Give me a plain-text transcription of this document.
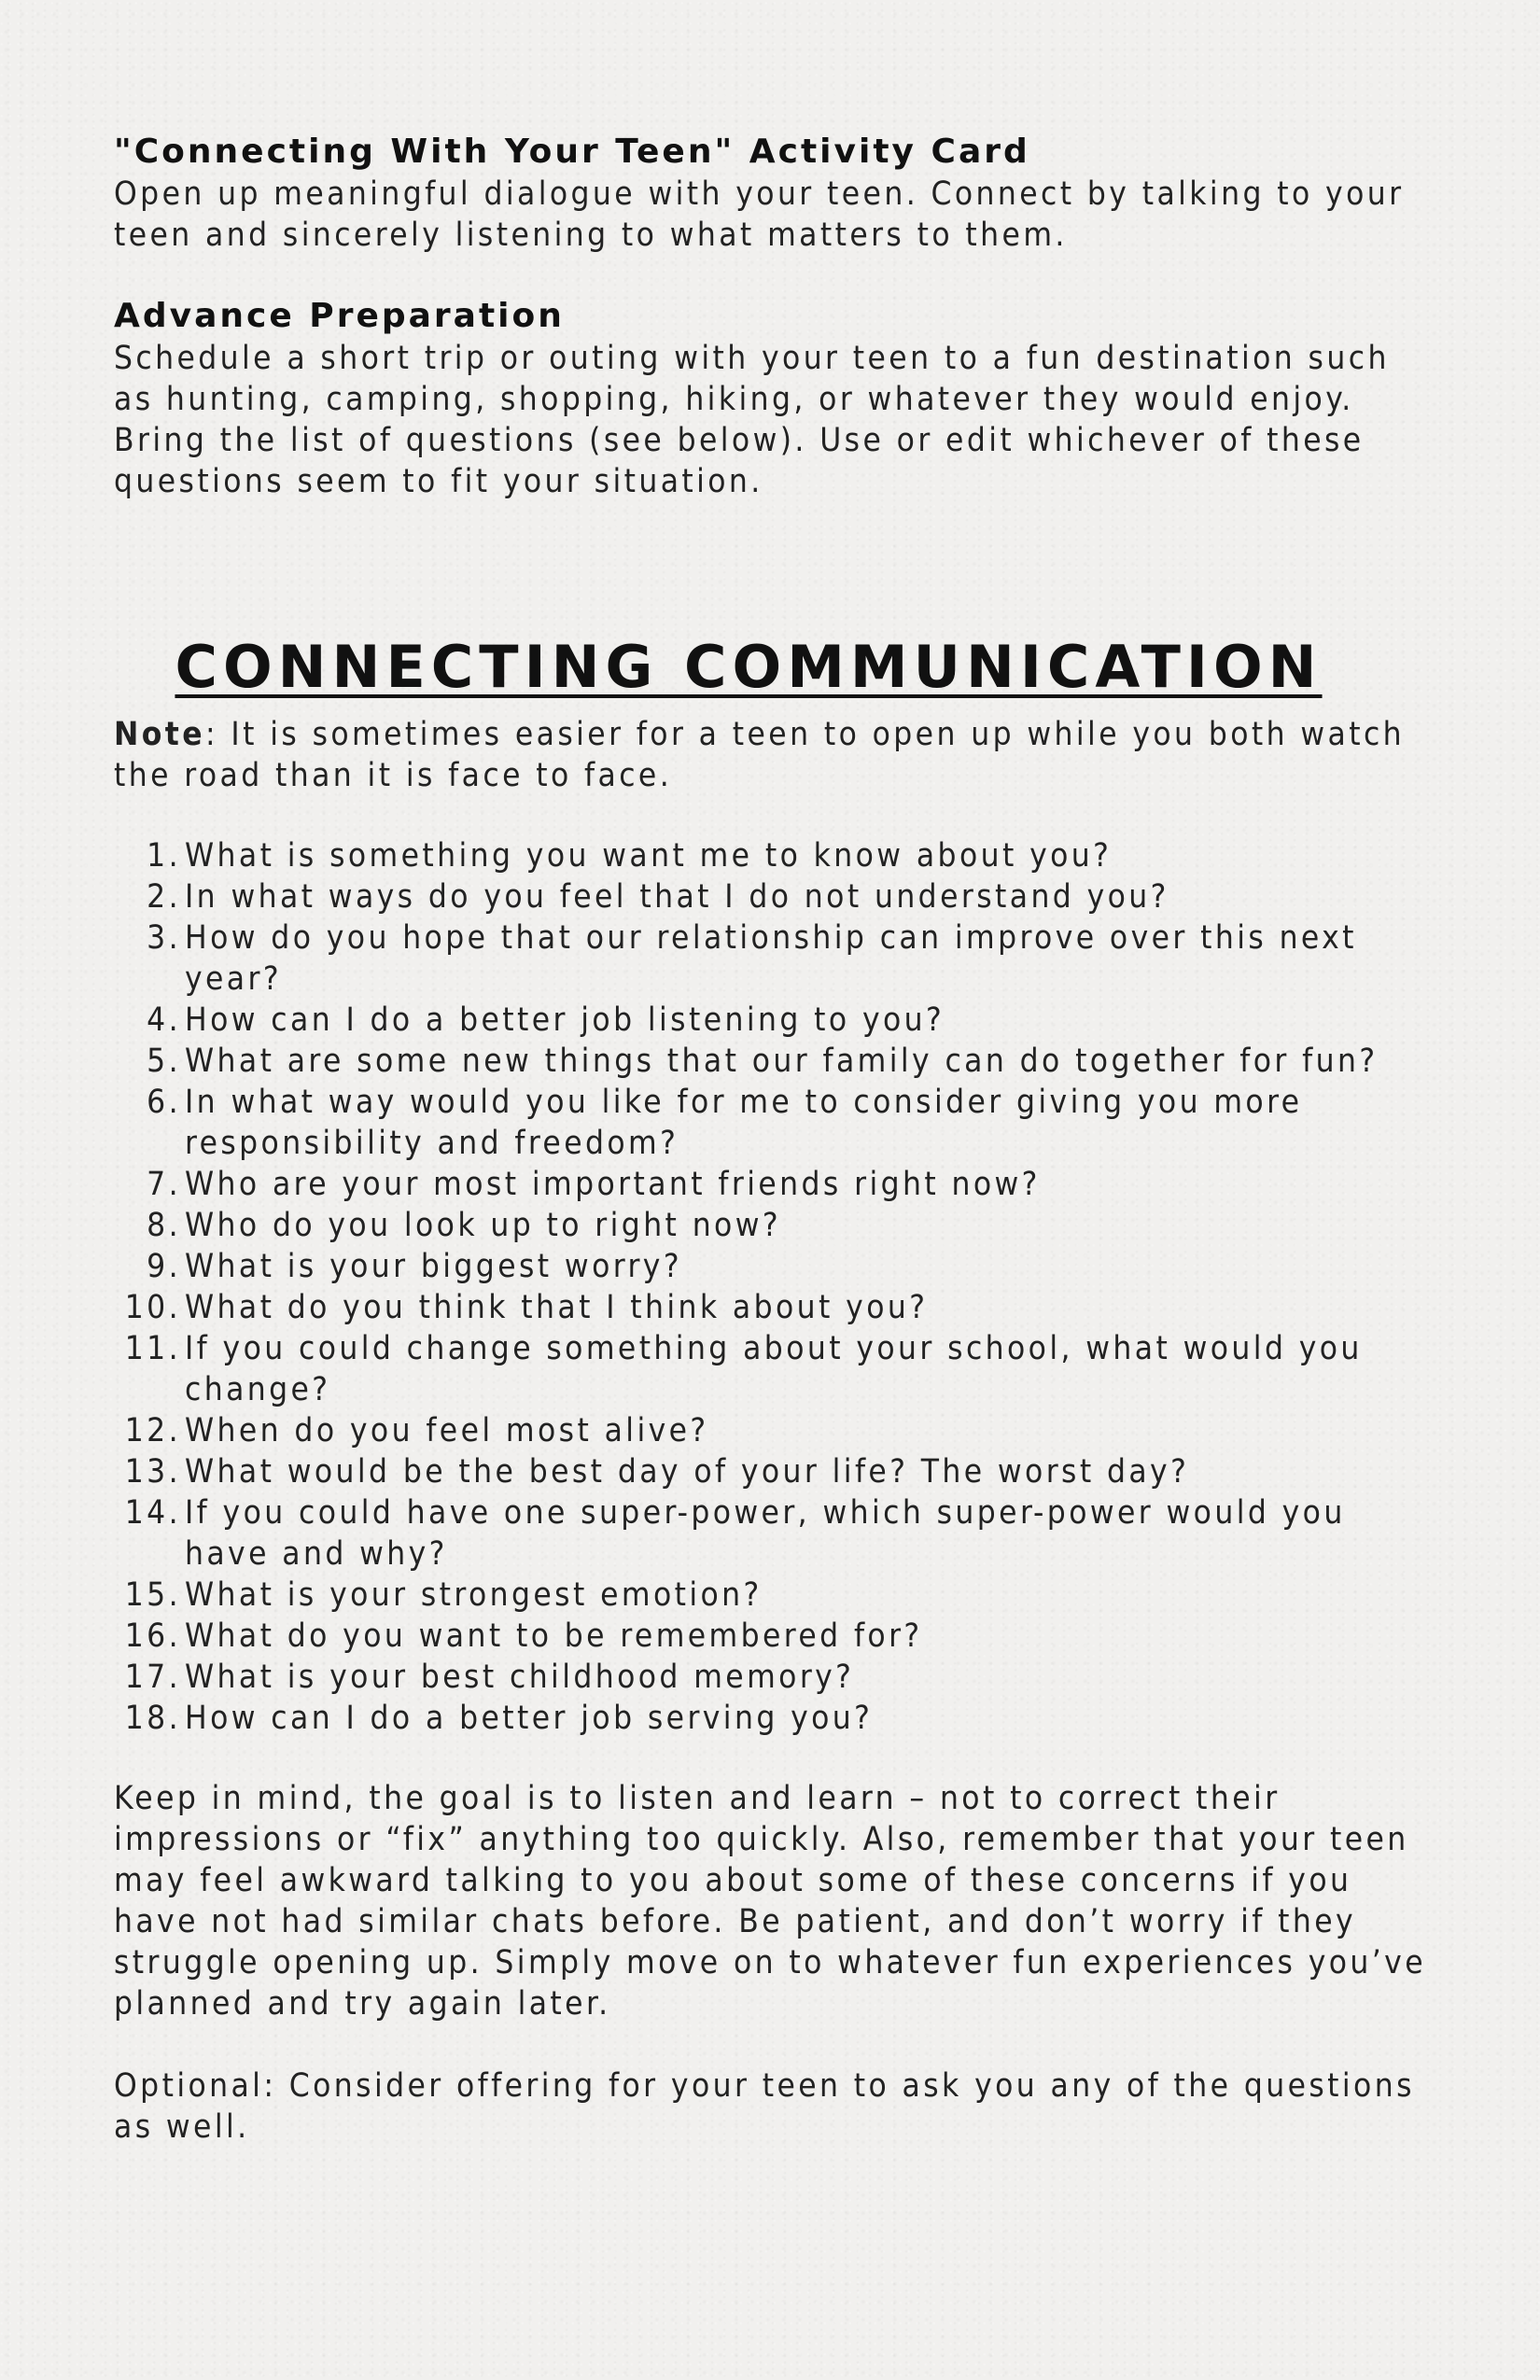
"Connecting With Your Teen" Activity Card

Open up meaningful dialogue with your teen. Connect by talking to your teen and sincerely listening to what matters to them.

Advance Preparation

Schedule a short trip or outing with your teen to a fun destination such as hunting, camping, shopping, hiking, or whatever they would enjoy. Bring the list of questions (see below). Use or edit whichever of these questions seem to fit your situation.

CONNECTING COMMUNICATION

Note: It is sometimes easier for a teen to open up while you both watch the road than it is face to face.

1. What is something you want me to know about you?
2. In what ways do you feel that I do not understand you?
3. How do you hope that our relationship can improve over this next year?
4. How can I do a better job listening to you?
5. What are some new things that our family can do together for fun?
6. In what way would you like for me to consider giving you more responsibility and freedom?
7. Who are your most important friends right now?
8. Who do you look up to right now?
9. What is your biggest worry?
10. What do you think that I think about you?
11. If you could change something about your school, what would you change?
12. When do you feel most alive?
13. What would be the best day of your life? The worst day?
14. If you could have one super-power, which super-power would you have and why?
15. What is your strongest emotion?
16. What do you want to be remembered for?
17. What is your best childhood memory?
18. How can I do a better job serving you?

Keep in mind, the goal is to listen and learn – not to correct their impressions or “fix” anything too quickly. Also, remember that your teen may feel awkward talking to you about some of these concerns if you have not had similar chats before. Be patient, and don’t worry if they struggle opening up. Simply move on to whatever fun experiences you’ve planned and try again later.

Optional: Consider offering for your teen to ask you any of the questions as well.
